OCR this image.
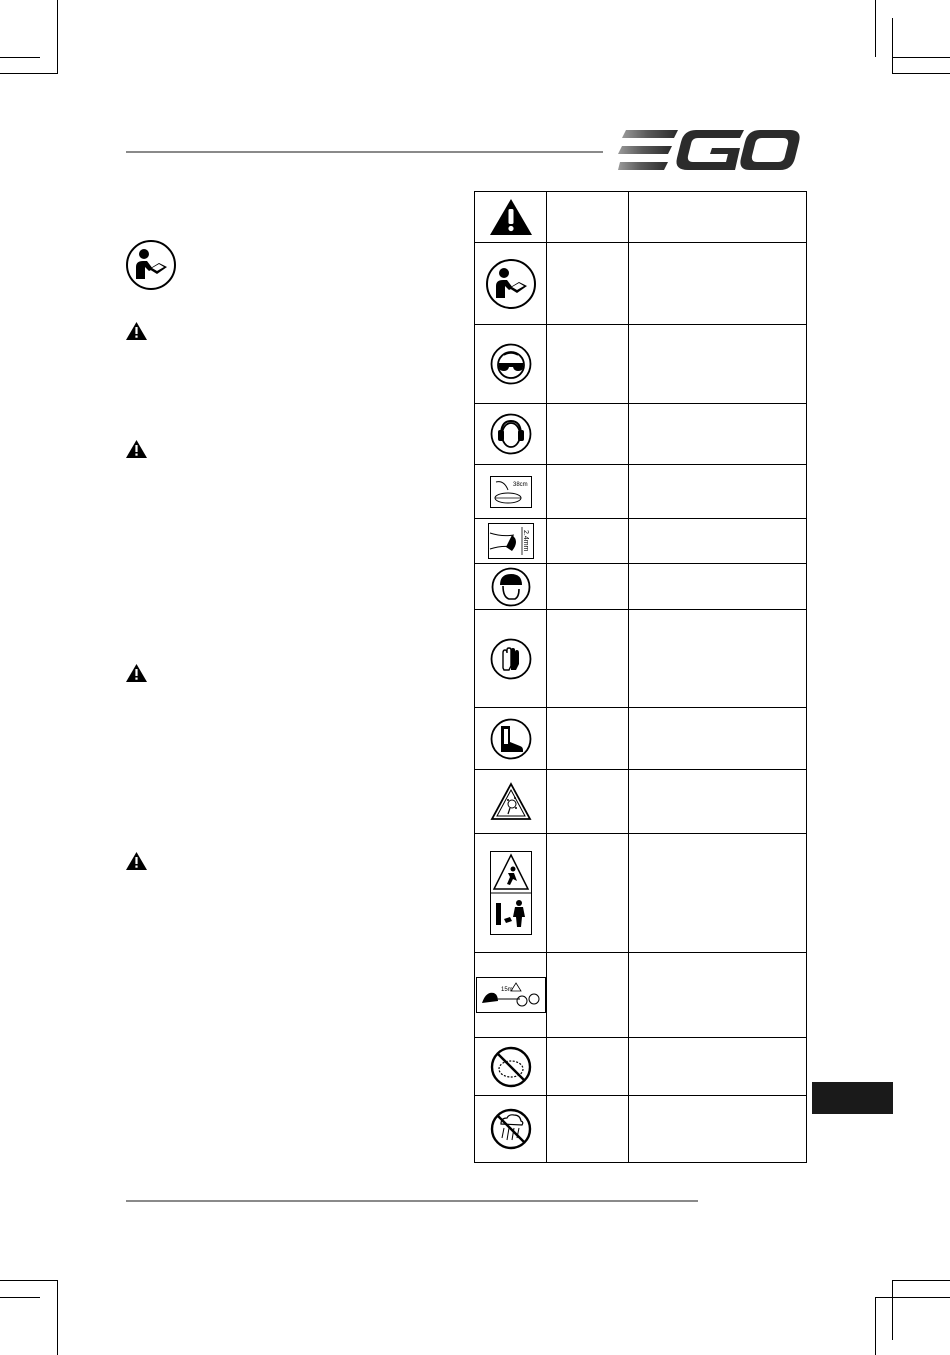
38cm		

2.4mm		

15m		
